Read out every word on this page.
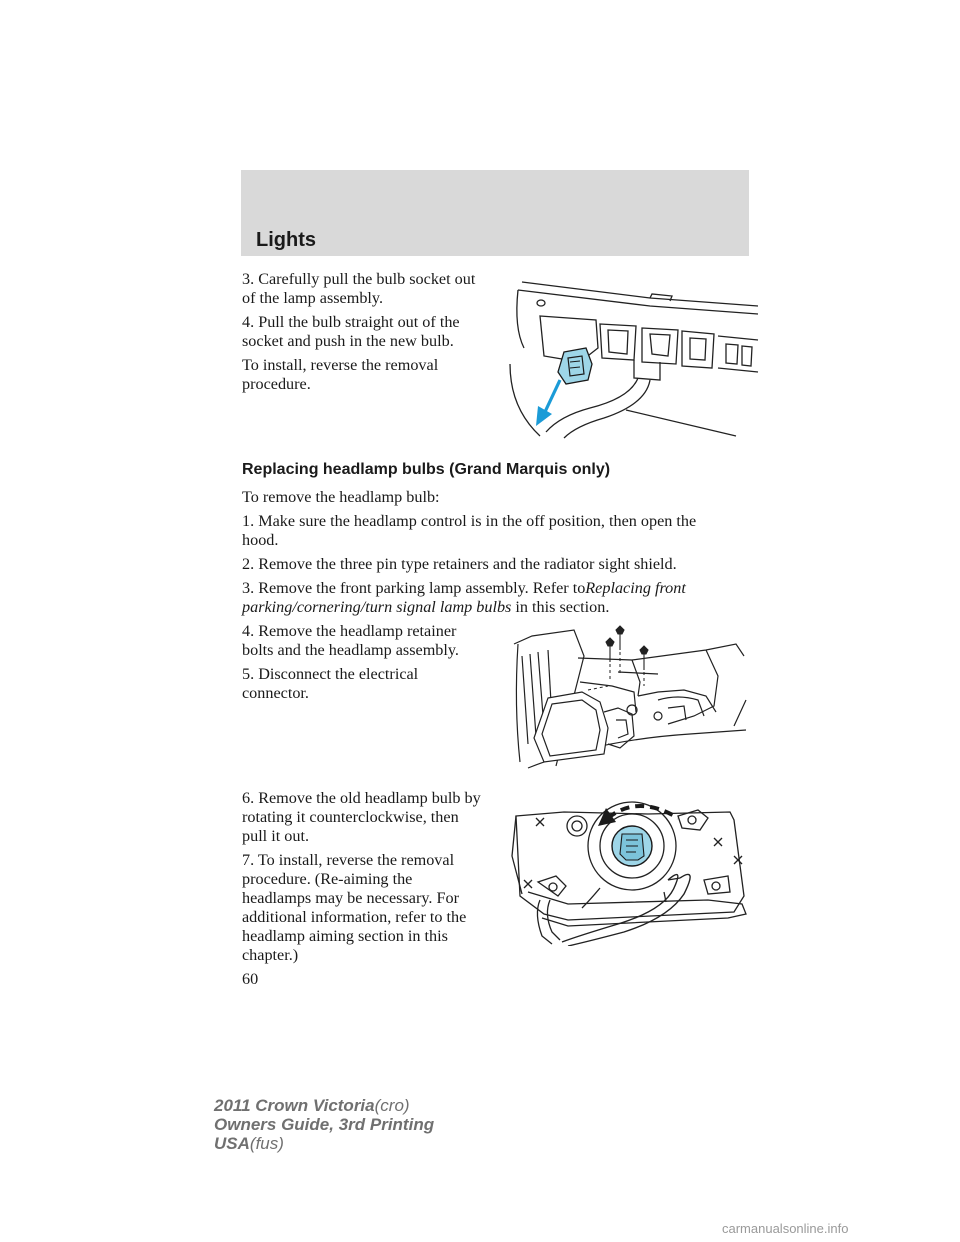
Lights

3. Carefully pull the bulb socket out

of the lamp assembly.

4. Pull the bulb straight out of the

socket and push in the new bulb.

To install, reverse the removal

procedure.

Replacing headlamp bulbs (Grand Marquis only)

To remove the headlamp bulb:

1. Make sure the headlamp control is in the off position, then open the

hood.

2. Remove the three pin type retainers and the radiator sight shield.

3. Remove the front parking lamp assembly. Refer toReplacing front

parking/cornering/turn signal lamp bulbs in this section.

4. Remove the headlamp retainer

bolts and the headlamp assembly.

5. Disconnect the electrical

connector.

6. Remove the old headlamp bulb by

rotating it counterclockwise, then

pull it out.

7. To install, reverse the removal

procedure. (Re-aiming the

headlamps may be necessary. For

additional information, refer to the

headlamp aiming section in this

chapter.)

60

2011 Crown Victoria(cro)
Owners Guide, 3rd Printing
USA(fus)

carmanualsonline.info
